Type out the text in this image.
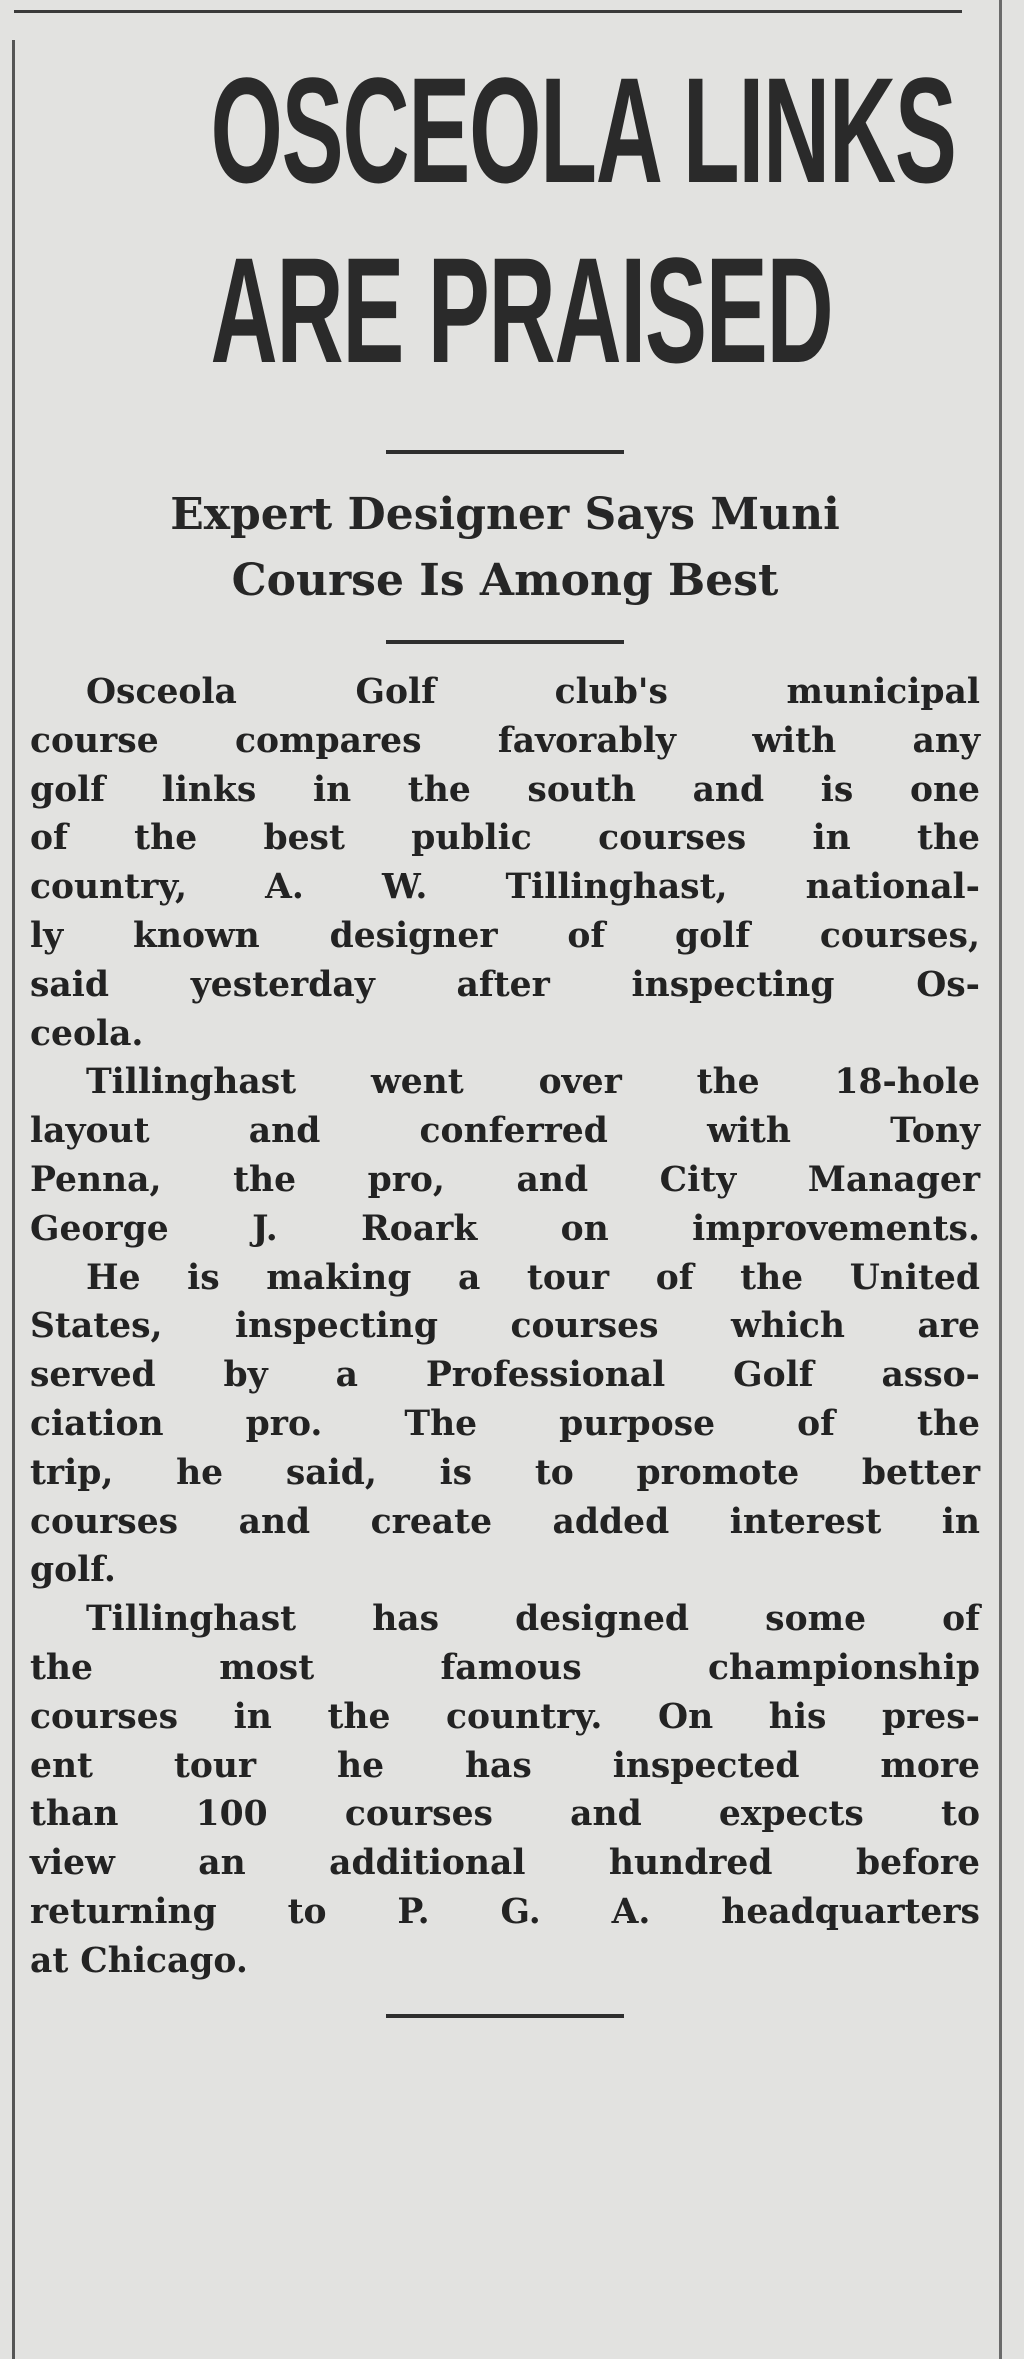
OSCEOLA LINKS
ARE PRAISED
Expert Designer Says Muni
Course Is Among Best
Osceola Golf club's municipal
course compares favorably with any
golf links in the south and is one
of the best public courses in the
country, A. W. Tillinghast, national-
ly known designer of golf courses,
said yesterday after inspecting Os-
ceola.
Tillinghast went over the 18-hole
layout and conferred with Tony
Penna, the pro, and City Manager
George J. Roark on improvements.
He is making a tour of the United
States, inspecting courses which are
served by a Professional Golf asso-
ciation pro. The purpose of the
trip, he said, is to promote better
courses and create added interest in
golf.
Tillinghast has designed some of
the most famous championship
courses in the country. On his pres-
ent tour he has inspected more
than 100 courses and expects to
view an additional hundred before
returning to P. G. A. headquarters
at Chicago.
